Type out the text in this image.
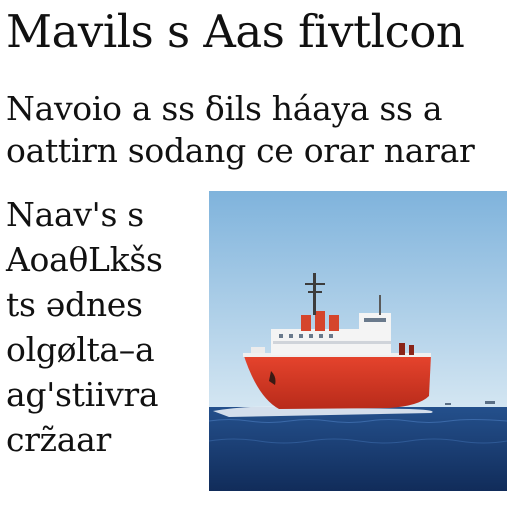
Mavils s Aas fivtlcon
Navoio a ss δils háaya ss a
oattirn sodang ce orar narar
Naav's s
AoaθLkšs
ts ədnes
olgølta–a
ag'stiivra
crz̃aar
